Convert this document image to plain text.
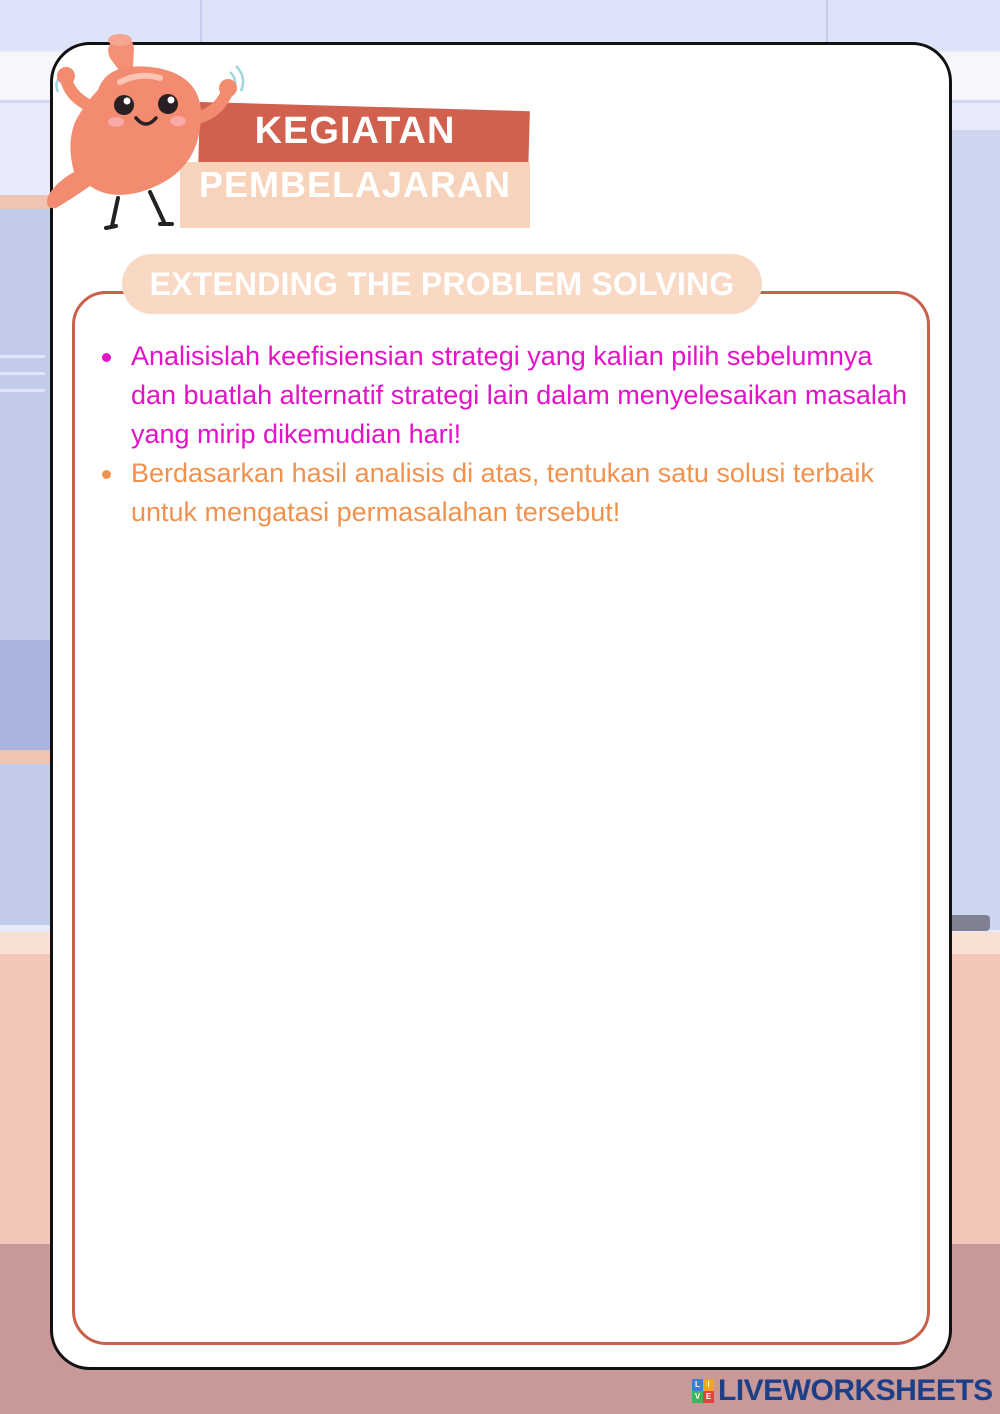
EXTENDING THE PROBLEM SOLVING
KEGIATAN
PEMBELAJARAN
Analisislah keefisiensian strategi yang kalian pilih sebelumnya dan buatlah alternatif strategi lain dalam menyelesaikan masalah yang mirip dikemudian hari!
Berdasarkan hasil analisis di atas, tentukan satu solusi terbaik untuk mengatasi permasalahan tersebut!
L I
V E LIVEWORKSHEETS
